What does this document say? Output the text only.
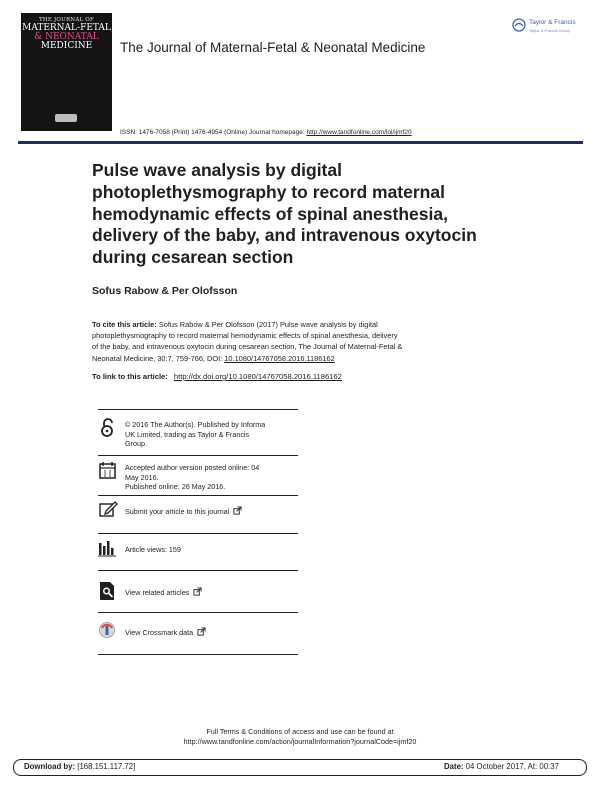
THE JOURNAL OF
MATERNAL-FETAL
& NEONATAL
MEDICINE	The Journal of Maternal-Fetal & Neonatal Medicine
Taylor & Francis
Taylor & Francis Group
ISSN: 1476-7058 (Print) 1476-4954 (Online) Journal homepage: http://www.tandfonline.com/loi/ijmf20
Pulse wave analysis by digital
photoplethysmography to record maternal
hemodynamic effects of spinal anesthesia,
delivery of the baby, and intravenous oxytocin
during cesarean section
Sofus Rabow & Per Olofsson
To cite this article: Sofus Rabow & Per Olofsson (2017) Pulse wave analysis by digital
photoplethysmography to record maternal hemodynamic effects of spinal anesthesia, delivery
of the baby, and intravenous oxytocin during cesarean section, The Journal of Maternal-Fetal &
Neonatal Medicine, 30:7, 759-766, DOI: 10.1080/14767058.2016.1186162
To link to this article: http://dx.doi.org/10.1080/14767058.2016.1186162
© 2016 The Author(s). Published by Informa
UK Limited, trading as Taylor & Francis
Group.
Accepted author version posted online: 04
May 2016.
Published online: 26 May 2016.
Submit your article to this journal
Article views: 159
View related articles
View Crossmark data
Full Terms & Conditions of access and use can be found at
http://www.tandfonline.com/action/journalInformation?journalCode=ijmf20
Download by: [168.151.117.72]	Date: 04 October 2017, At: 00:37
